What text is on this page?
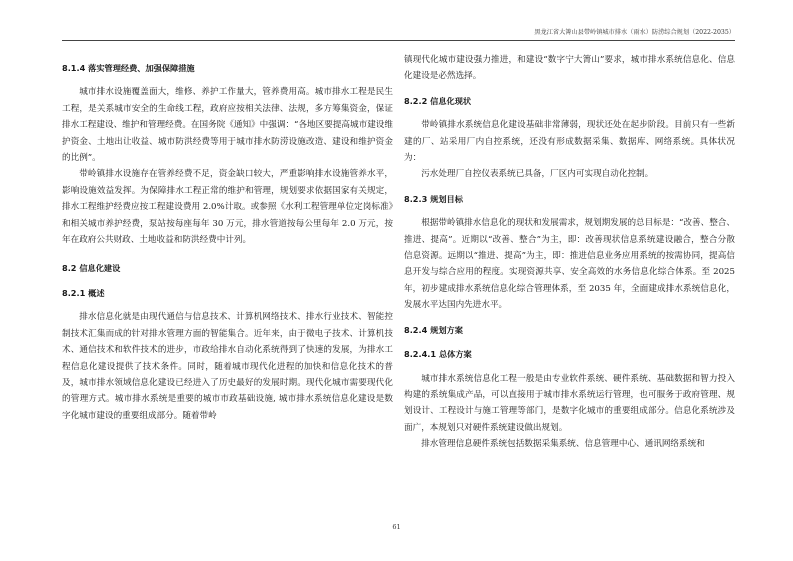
黑龙江省大箐山县带岭镇城市排水（雨水）防涝综合规划（2022-2035）
8.1.4 落实管理经费、加强保障措施

城市排水设施覆盖面大，维修、养护工作量大，管养费用高。城市排水工程是民生工程，是关系城市安全的生命线工程，政府应按相关法律、法规，多方筹集资金，保证排水工程建设、维护和管理经费。在国务院《通知》中强调：“各地区要提高城市建设维护资金、土地出让收益、城市防洪经费等用于城市排水防涝设施改造、建设和维护资金的比例”。

带岭镇排水设施存在管养经费不足，资金缺口较大，严重影响排水设施管养水平，影响设施效益发挥。为保障排水工程正常的维护和管理，规划要求依据国家有关规定，排水工程维护经费应按工程建设费用 2.0%计取。或参照《水利工程管理单位定岗标准》和相关城市养护经费，泵站按每座每年 30 万元，排水管道按每公里每年 2.0 万元，按年在政府公共财政、土地收益和防洪经费中计列。

8.2 信息化建设
8.2.1 概述

排水信息化就是由现代通信与信息技术、计算机网络技术、排水行业技术、智能控制技术汇集而成的针对排水管理方面的智能集合。近年来，由于微电子技术、计算机技术、通信技术和软件技术的进步，市政给排水自动化系统得到了快速的发展，为排水工程信息化建设提供了技术条件。同时，随着城市现代化进程的加快和信息化技术的普及，城市排水领域信息化建设已经进入了历史最好的发展时期。现代化城市需要现代化的管理方式。城市排水系统是重要的城市市政基础设施, 城市排水系统信息化建设是数字化城市建设的重要组成部分。随着带岭

镇现代化城市建设强力推进，和建设“数字宁大箐山”要求，城市排水系统信息化、信息化建设是必然选择。

8.2.2 信息化现状

带岭镇排水系统信息化建设基础非常薄弱，现状还处在起步阶段。目前只有一些新建的厂、站采用厂内自控系统，还没有形成数据采集、数据库、网络系统。具体状况为：

污水处理厂自控仪表系统已具备，厂区内可实现自动化控制。

8.2.3 规划目标

根据带岭镇排水信息化的现状和发展需求，规划期发展的总目标是：“改善、整合、推进、提高”。近期以“改善、整合”为主，即：改善现状信息系统建设融合，整合分散信息资源。远期以“推进、提高”为主，即：推进信息业务应用系统的按需协同，提高信息开发与综合应用的程度。实现资源共享、安全高效的水务信息化综合体系。至 2025 年，初步建成排水系统信息化综合管理体系，至 2035 年，全面建成排水系统信息化，发展水平达国内先进水平。

8.2.4 规划方案
8.2.4.1 总体方案

城市排水系统信息化工程一般是由专业软件系统、硬件系统、基础数据和智力投入构建的系统集成产品，可以直接用于城市排水系统运行管理，也可服务于政府管理、规划设计、工程设计与施工管理等部门，是数字化城市的重要组成部分。信息化系统涉及面广，本规划只对硬件系统建设做出规划。

排水管理信息硬件系统包括数据采集系统、信息管理中心、通讯网络系统和

61
